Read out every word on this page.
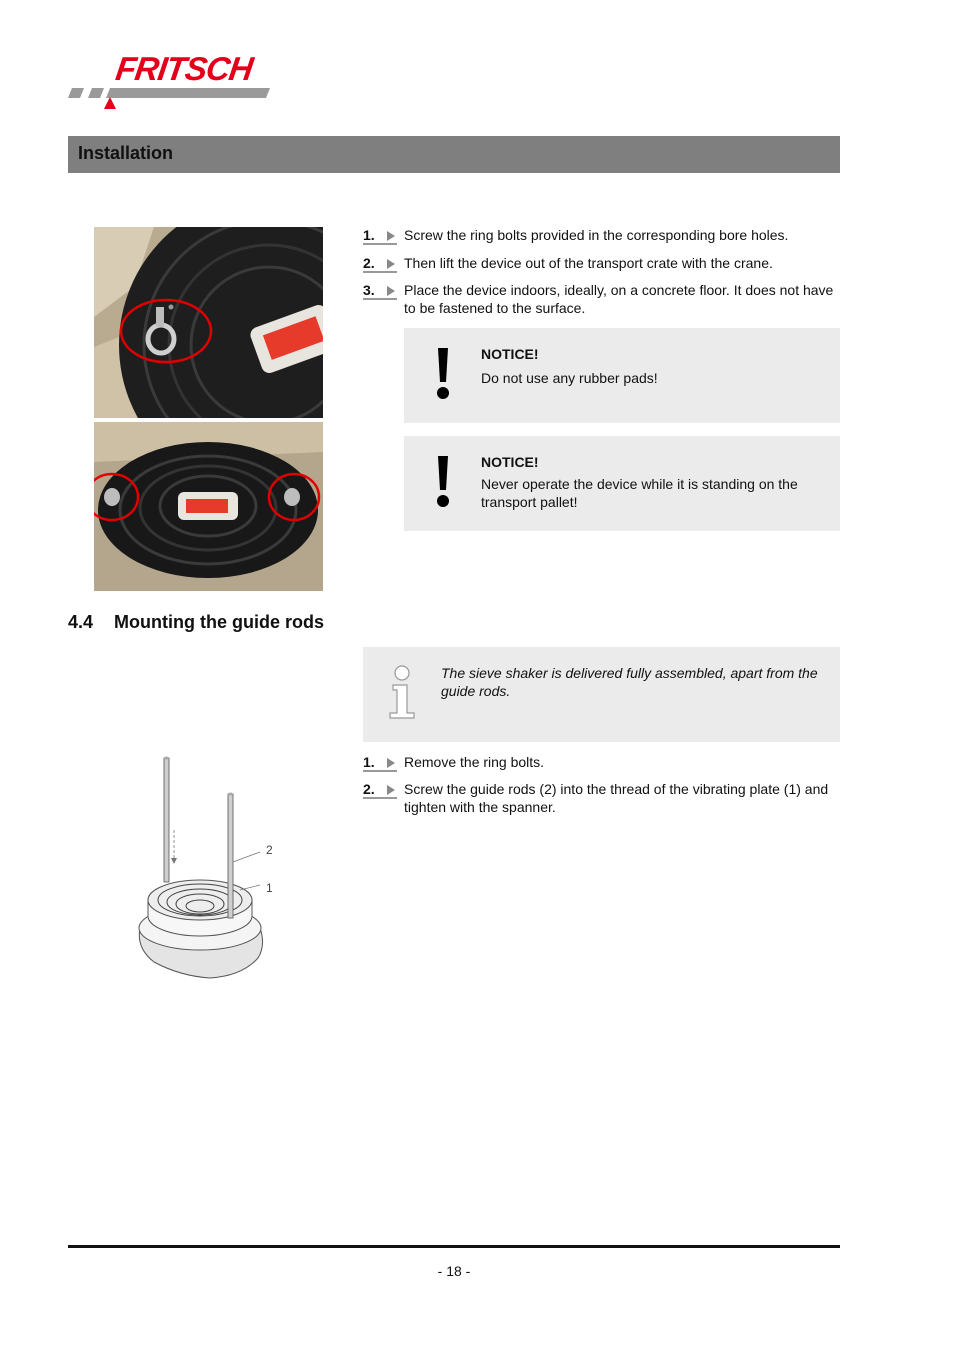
FRITSCH
Installation
1.	Screw the ring bolts provided in the corresponding bore holes.
2.	Then lift the device out of the transport crate with the crane.
3.	Place the device indoors, ideally, on a concrete floor. It does not have to be fastened to the surface.
NOTICE!
Do not use any rubber pads!
NOTICE!
Never operate the device while it is standing on the transport pallet!
4.4 Mounting the guide rods
The sieve shaker is delivered fully assembled, apart from the guide rods.
2
1
1.	Remove the ring bolts.
2.	Screw the guide rods (2) into the thread of the vibrating plate (1) and tighten with the spanner.
- 18 -
